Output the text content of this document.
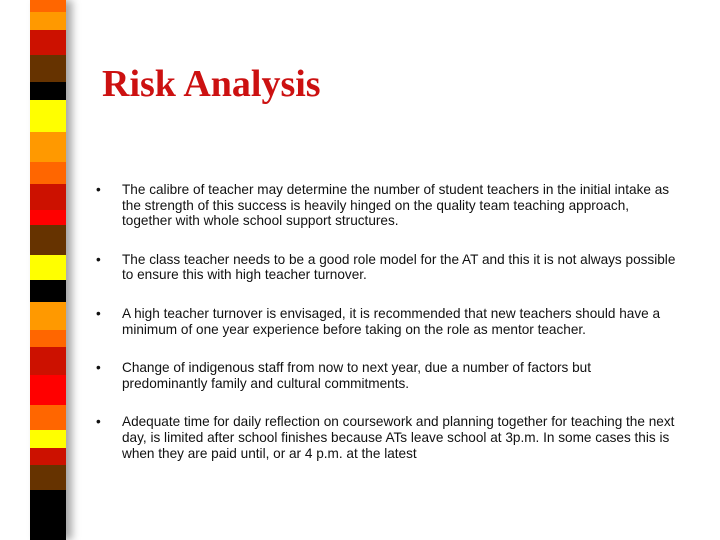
Risk Analysis
• The calibre of teacher may determine the number of student teachers in the initial intake as the strength of this success is heavily hinged on the quality team teaching approach, together with whole school support structures.
• The class teacher needs to be a good role model for the AT and this it is not always possible to ensure this with high teacher turnover.
• A high teacher turnover is envisaged, it is recommended that new teachers should have a minimum of one year experience before taking on the role as mentor teacher.
• Change of indigenous staff from now to next year, due a number of factors but predominantly family and cultural commitments.
• Adequate time for daily reflection on coursework and planning together for teaching the next day, is limited after school finishes because ATs leave school at 3p.m. In some cases this is when they are paid until, or ar 4 p.m. at the latest
